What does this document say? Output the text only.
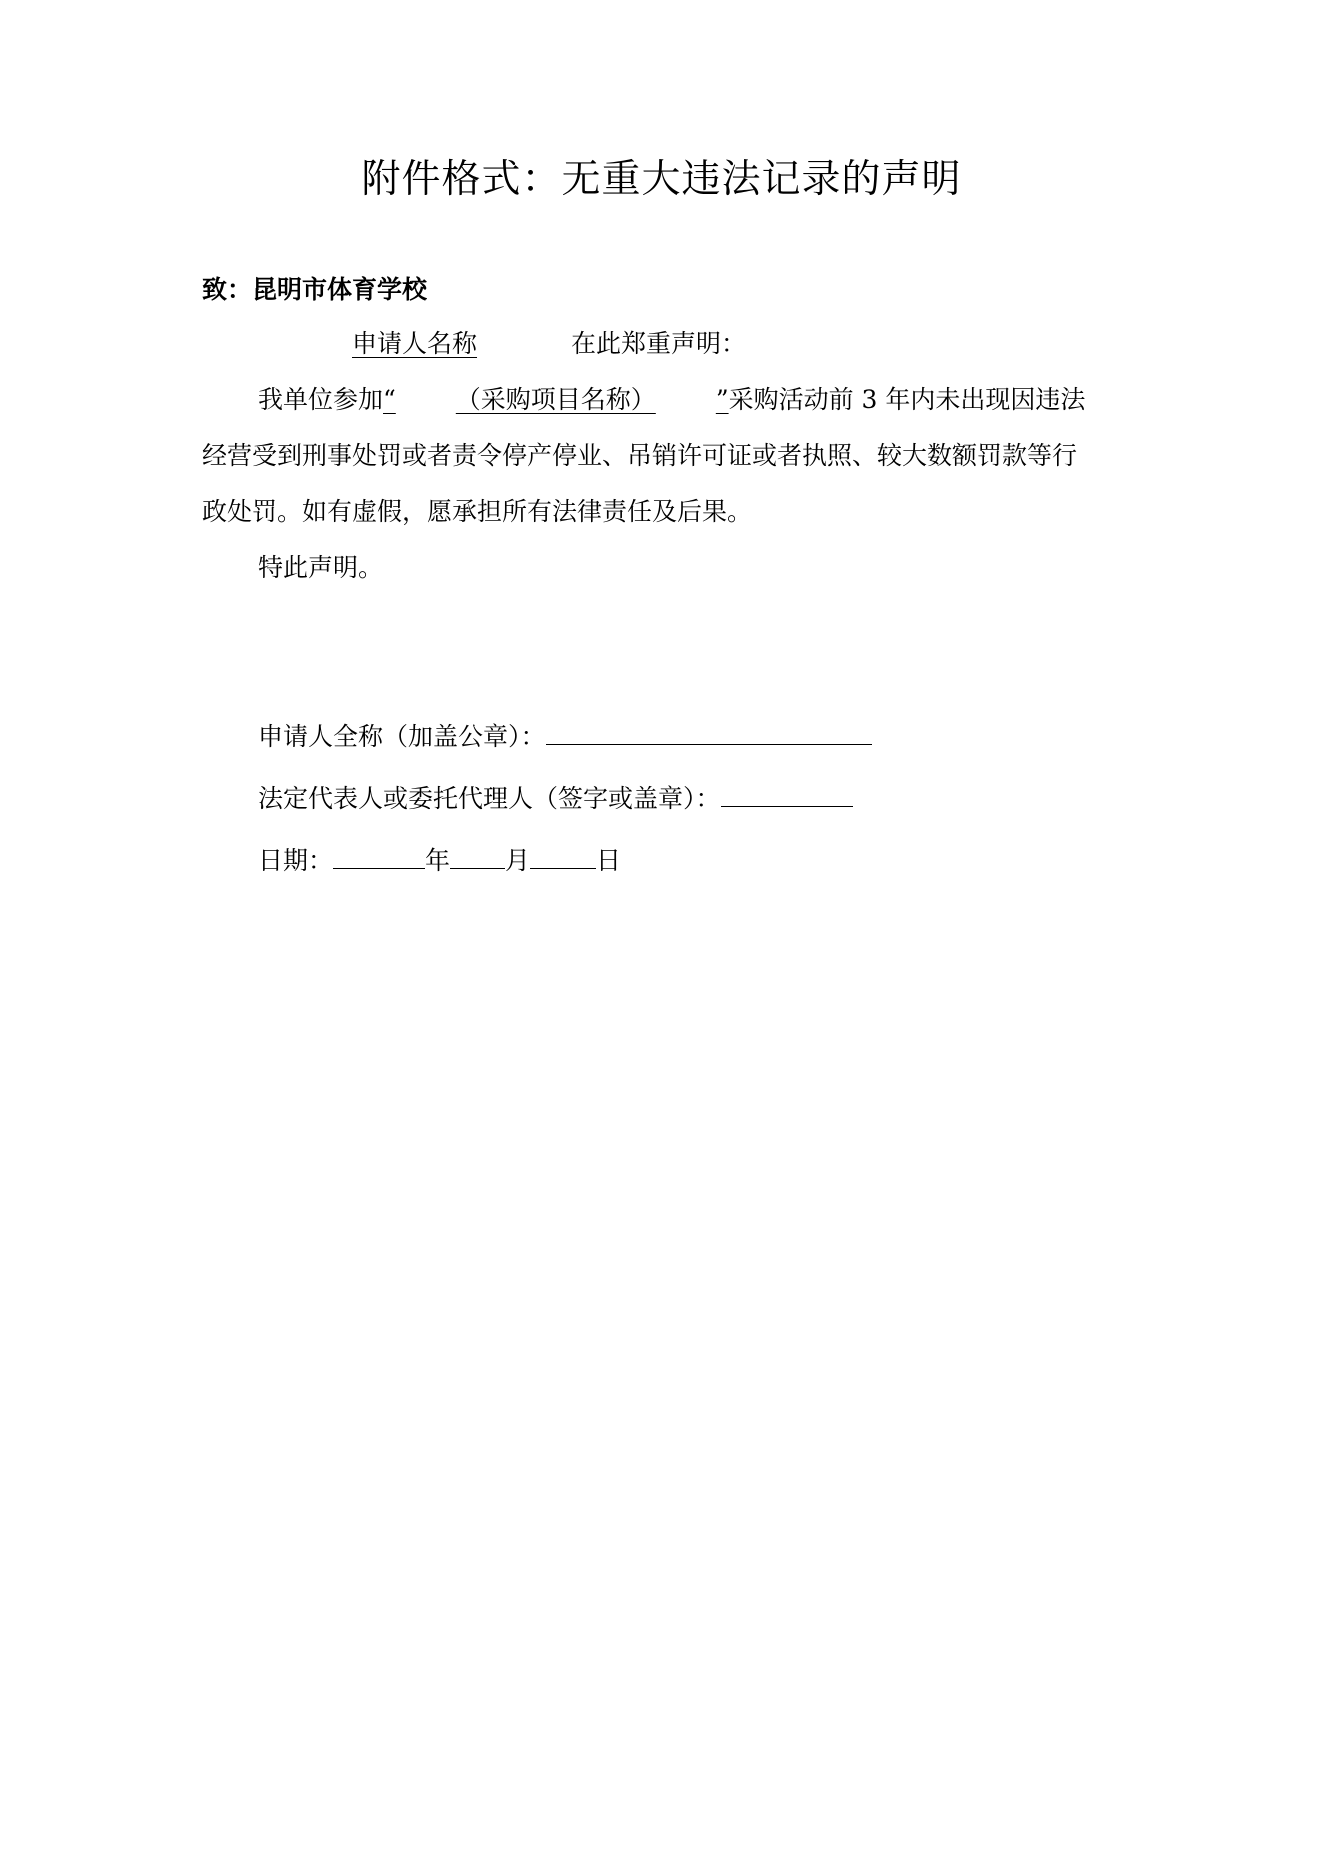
附件格式：无重大违法记录的声明
致：昆明市体育学校
申请人名称	在此郑重声明：
我单位参加“ （采购项目名称） ”采购活动前 3 年内未出现因违法
经营受到刑事处罚或者责令停产停业、吊销许可证或者执照、较大数额罚款等行
政处罚。如有虚假，愿承担所有法律责任及后果。
特此声明。
申请人全称（加盖公章）：
法定代表人或委托代理人（签字或盖章）：
日期：	年 月	日
